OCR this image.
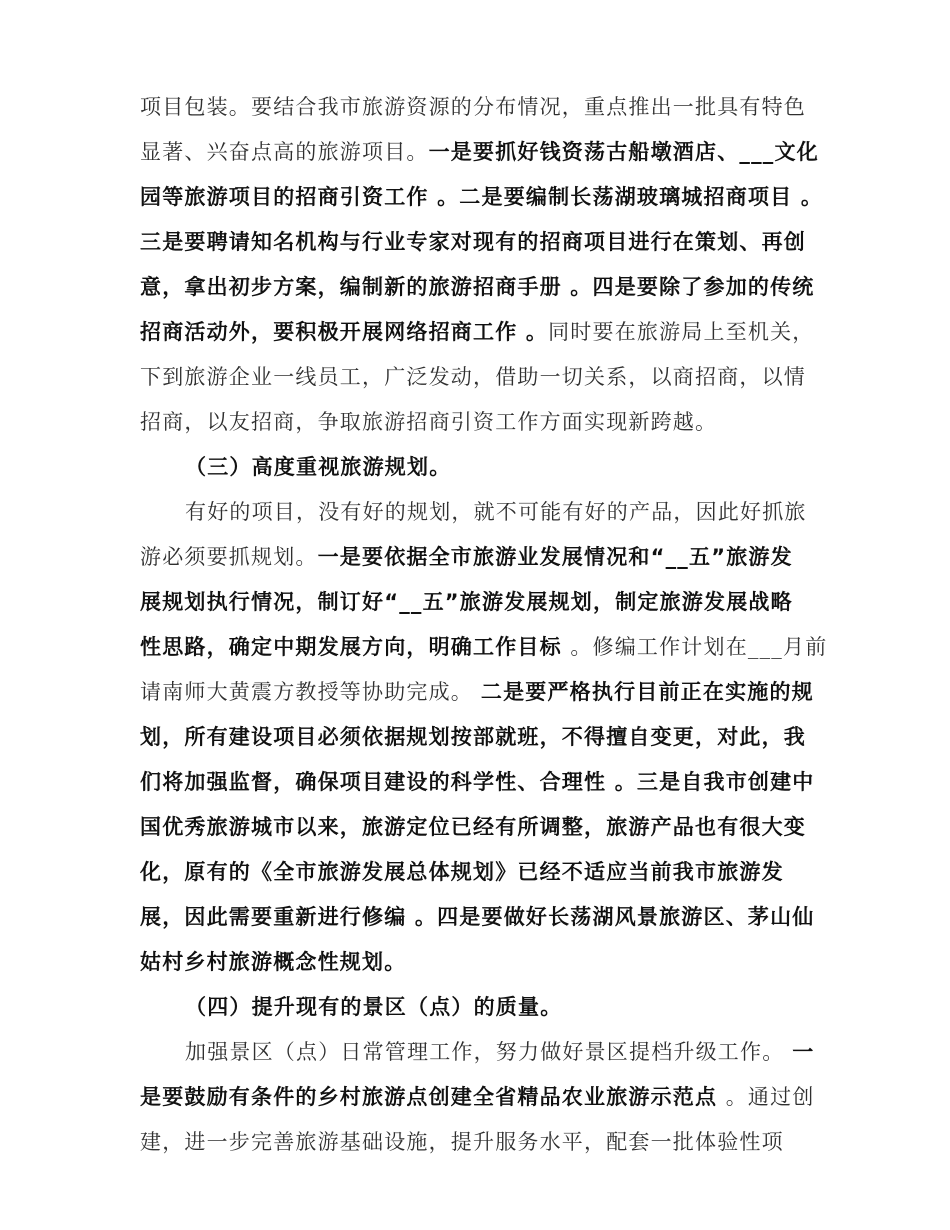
项目包装。要结合我市旅游资源的分布情况，重点推出一批具有特色
显著、兴奋点高的旅游项目。一是要抓好钱资荡古船墩酒店、___文化
园等旅游项目的招商引资工作 。二是要编制长荡湖玻璃城招商项目 。
三是要聘请知名机构与行业专家对现有的招商项目进行在策划、再创
意，拿出初步方案，编制新的旅游招商手册 。四是要除了参加的传统
招商活动外，要积极开展网络招商工作 。同时要在旅游局上至机关，
下到旅游企业一线员工，广泛发动，借助一切关系，以商招商，以情
招商，以友招商，争取旅游招商引资工作方面实现新跨越。
（三）高度重视旅游规划。
有好的项目，没有好的规划，就不可能有好的产品，因此好抓旅
游必须要抓规划。一是要依据全市旅游业发展情况和“__五”旅游发
展规划执行情况，制订好“__五”旅游发展规划，制定旅游发展战略
性思路，确定中期发展方向，明确工作目标 。修编工作计划在___月前
请南师大黄震方教授等协助完成。 二是要严格执行目前正在实施的规
划，所有建设项目必须依据规划按部就班，不得擅自变更，对此，我
们将加强监督，确保项目建设的科学性、合理性 。三是自我市创建中
国优秀旅游城市以来，旅游定位已经有所调整，旅游产品也有很大变
化，原有的《全市旅游发展总体规划》已经不适应当前我市旅游发
展，因此需要重新进行修编 。四是要做好长荡湖风景旅游区、茅山仙
姑村乡村旅游概念性规划。
（四）提升现有的景区（点）的质量。
加强景区（点）日常管理工作，努力做好景区提档升级工作。 一
是要鼓励有条件的乡村旅游点创建全省精品农业旅游示范点 。通过创
建，进一步完善旅游基础设施，提升服务水平，配套一批体验性项
